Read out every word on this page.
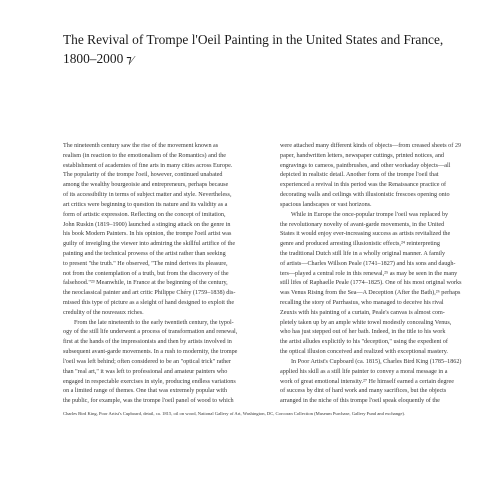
The Revival of Trompe l'Oeil Painting in the United States and France,
1800–2000 ⁊⁄
29

The nineteenth century saw the rise of the movement known as
realism (in reaction to the emotionalism of the Romantics) and the
establishment of academies of fine arts in many cities across Europe.
The popularity of the trompe l'oeil, however, continued unabated
among the wealthy bourgeoisie and entrepreneurs, perhaps because
of its accessibility in terms of subject matter and style. Nevertheless,
art critics were beginning to question its nature and its validity as a
form of artistic expression. Reflecting on the concept of imitation,
John Ruskin (1819–1900) launched a stinging attack on the genre in
his book Modern Painters. In his opinion, the trompe l'oeil artist was
guilty of inveigling the viewer into admiring the skillful artifice of the
painting and the technical prowess of the artist rather than seeking
to present "the truth." He observed, "The mind derives its pleasure,
not from the contemplation of a truth, but from the discovery of the
falsehood."²³ Meanwhile, in France at the beginning of the century,
the neoclassical painter and art critic Philippe Chéry (1759–1838) dis-
missed this type of picture as a sleight of hand designed to exploit the
credulity of the nouveaux riches.
From the late nineteenth to the early twentieth century, the typol-
ogy of the still life underwent a process of transformation and renewal,
first at the hands of the impressionists and then by artists involved in
subsequent avant-garde movements. In a rush to modernity, the trompe
l'oeil was left behind; often considered to be an "optical trick" rather
than "real art," it was left to professional and amateur painters who
engaged in respectable exercises in style, producing endless variations
on a limited range of themes. One that was extremely popular with
the public, for example, was the trompe l'oeil panel of wood to which

were attached many different kinds of objects—from creased sheets of
paper, handwritten letters, newspaper cuttings, printed notices, and
engravings to cameos, paintbrushes, and other workaday objects—all
depicted in realistic detail. Another form of the trompe l'oeil that
experienced a revival in this period was the Renaissance practice of
decorating walls and ceilings with illusionistic frescoes opening onto
spacious landscapes or vast horizons.
While in Europe the once-popular trompe l'oeil was replaced by
the revolutionary novelty of avant-garde movements, in the United
States it would enjoy ever-increasing success as artists revitalized the
genre and produced arresting illusionistic effects,²⁴ reinterpreting
the traditional Dutch still life in a wholly original manner. A family
of artists—Charles Willson Peale (1741–1827) and his sons and daugh-
ters—played a central role in this renewal,²⁵ as may be seen in the many
still lifes of Raphaelle Peale (1774–1825). One of his most original works
was Venus Rising from the Sea—A Deception (After the Bath),²⁶ perhaps
recalling the story of Parrhasius, who managed to deceive his rival
Zeuxis with his painting of a curtain, Peale's canvas is almost com-
pletely taken up by an ample white towel modestly concealing Venus,
who has just stepped out of her bath. Indeed, in the title to his work
the artist alludes explicitly to his "deception," using the expedient of
the optical illusion conceived and realized with exceptional mastery.
In Poor Artist's Cupboard (ca. 1815), Charles Bird King (1785–1862)
applied his skill as a still life painter to convey a moral message in a
work of great emotional intensity.²⁷ He himself earned a certain degree
of success by dint of hard work and many sacrifices, but the objects
arranged in the niche of this trompe l'oeil speak eloquently of the

Charles Bird King, Poor Artist's Cupboard, detail, ca. 1815, oil on wood, National Gallery of Art, Washington, DC, Corcoran Collection (Museum Purchase, Gallery Fund and exchange).
